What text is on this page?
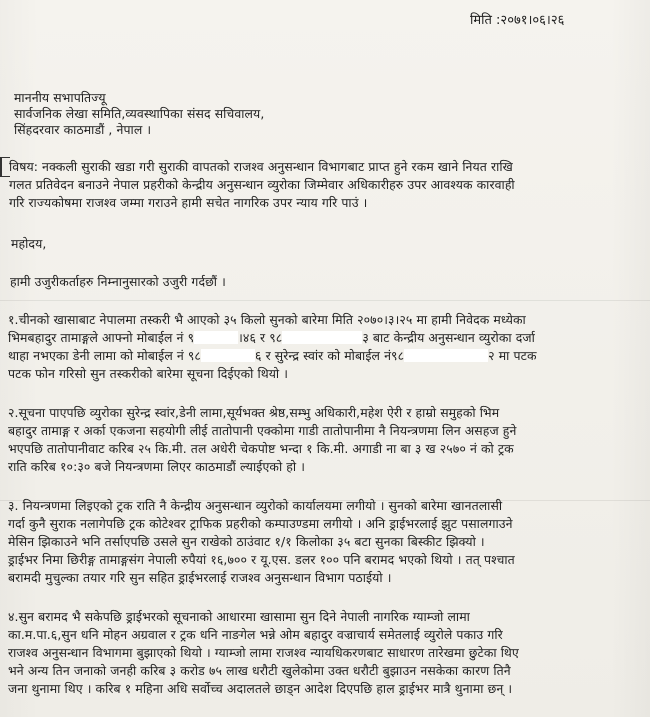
मिति :२०७१।०६।२६
माननीय सभापतिज्यू
सार्वजनिक लेखा समिति,व्यवस्थापिका संसद सचिवालय,
सिंहदरवार काठमाडौं , नेपाल ।
विषय: नक्कली सुराकी खडा गरी सुराकी वापतको राजश्व अनुसन्धान विभागबाट प्राप्त हुने रकम खाने नियत राखि
गलत प्रतिवेदन बनाउने नेपाल प्रहरीको केन्द्रीय अनुसन्धान व्युरोका जिम्मेवार अधिकारीहरु उपर आवश्यक कारवाही
गरि राज्यकोषमा राजश्व जम्मा गराउने हामी सचेत नागरिक उपर न्याय गरि पाउं ।
महोदय,
हामी उजुरीकर्ताहरु निम्नानुसारको उजुरी गर्दछौं ।
१.चीनको खासाबाट नेपालमा तस्करी भै आएको ३५ किलो सुनको बारेमा मिति २०७०।३।२५ मा हामी निवेदक मध्येका
भिमबहादुर तामाङ्गले आफ्नो मोबाईल नं ९	।४६ र ९८	३ बाट केन्द्रीय अनुसन्धान व्युरोका दर्जा
थाहा नभएका डेनी लामा को मोबाईल नं ९८	६ र सुरेन्द्र स्वांर को मोबाईल नं९८	२ मा पटक
पटक फोन गरिसो सुन तस्करीको बारेमा सूचना दिईएको थियो ।
२.सूचना पाएपछि व्युरोका सुरेन्द्र स्वांर,डेनी लामा,सूर्यभक्त श्रेष्ठ,सम्भु अधिकारी,महेश ऐरी र हाम्रो समुहको भिम
बहादुर तामाङ्ग र अर्का एकजना सहयोगी लीई तातोपानी एक्कोमा गाडी तातोपानीमा नै नियन्त्रणमा लिन असहज हुने
भएपछि तातोपानीवाट करिब २५ कि.मी. तल अधेरी चेकपोष्ट भन्दा १ कि.मी. अगाडी ना बा ३ ख २५७० नं को ट्रक
राति करिब १०:३० बजे नियन्त्रणमा लिएर काठमाडौं ल्याईएको हो ।
३. नियन्त्रणमा लिइएको ट्रक राति नै केन्द्रीय अनुसन्धान व्युरोको कार्यालयमा लगीयो । सुनको बारेमा खानतलासी
गर्दा कुनै सुराक नलागेपछि ट्रक कोटेश्वर ट्राफिक प्रहरीको कम्पाउण्डमा लगीयो । अनि ड्राईभरलाई झुट पसालगाउने
मेसिन झिकाउने भनि तर्साएपछि उसले सुन राखेको ठाउंवाट १/१ किलोका ३५ बटा सुनका बिस्कीट झिक्यो ।
ड्राईभर निमा छिरीङ्ग तामाङ्गसंग नेपाली रुपैयां १६,७०० र यू.एस. डलर १०० पनि बरामद भएको थियो । तत् पश्चात
बरामदी मुचुल्का तयार गरि सुन सहित ड्राईभरलाई राजश्व अनुसन्धान विभाग पठाईयो ।
४.सुन बरामद भै सकेपछि ड्राईभरको सूचनाको आधारमा खासामा सुन दिने नेपाली नागरिक ग्याम्जो लामा
का.म.पा.६,सुन धनि मोहन अग्रवाल र ट्रक धनि नाङगेल भन्ने ओम बहादुर वज्राचार्य समेतलाई व्युरोले पकाउ गरि
राजश्व अनुसन्धान विभागमा बुझाएको थियो । ग्याम्जो लामा राजश्व न्यायधिकरणबाट साधारण तारेखमा छुटेका थिए
भने अन्य तिन जनाको जनही करिब ३ करोड ७५ लाख धरौटी खुलेकोमा उक्त धरौटी बुझाउन नसकेका कारण तिनै
जना थुनामा थिए । करिब १ महिना अधि सर्वोच्च अदालतले छाड्न आदेश दिएपछि हाल ड्राईभर मात्रै थुनामा छन् ।
